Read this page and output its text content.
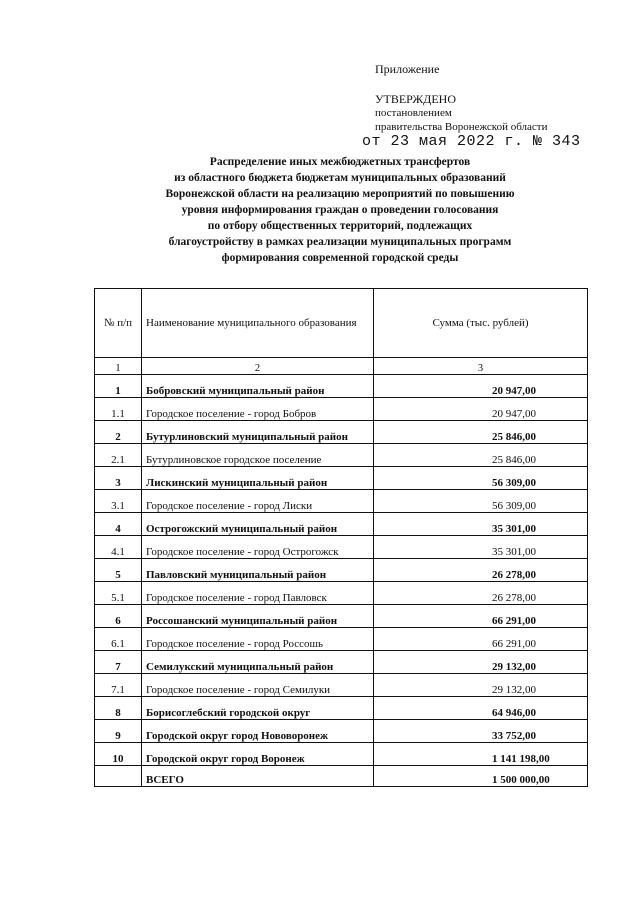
Приложение
УТВЕРЖДЕНО
постановлением
правительства Воронежской области
от 23 мая 2022 г. № 343
Распределение иных межбюджетных трансфертов
из областного бюджета бюджетам муниципальных образований
Воронежской области на реализацию мероприятий по повышению
уровня информирования граждан о проведении голосования
по отбору общественных территорий, подлежащих
благоустройству в рамках реализации муниципальных программ
формирования современной городской среды
№ п/п	Наименование муниципального образования	Сумма (тыс. рублей)
1	2	3
1	Бобровский муниципальный район	20 947,00
1.1	Городское поселение - город Бобров	20 947,00
2	Бутурлиновский муниципальный район	25 846,00
2.1	Бутурлиновское городское поселение	25 846,00
3	Лискинский муниципальный район	56 309,00
3.1	Городское поселение - город Лиски	56 309,00
4	Острогожский муниципальный район	35 301,00
4.1	Городское поселение - город Острогожск	35 301,00
5	Павловский муниципальный район	26 278,00
5.1	Городское поселение - город Павловск	26 278,00
6	Россошанский муниципальный район	66 291,00
6.1	Городское поселение - город Россошь	66 291,00
7	Семилукский муниципальный район	29 132,00
7.1	Городское поселение - город Семилуки	29 132,00
8	Борисоглебский городской округ	64 946,00
9	Городской округ город Нововоронеж	33 752,00
10	Городской округ город Воронеж	1 141 198,00
	ВСЕГО	1 500 000,00
